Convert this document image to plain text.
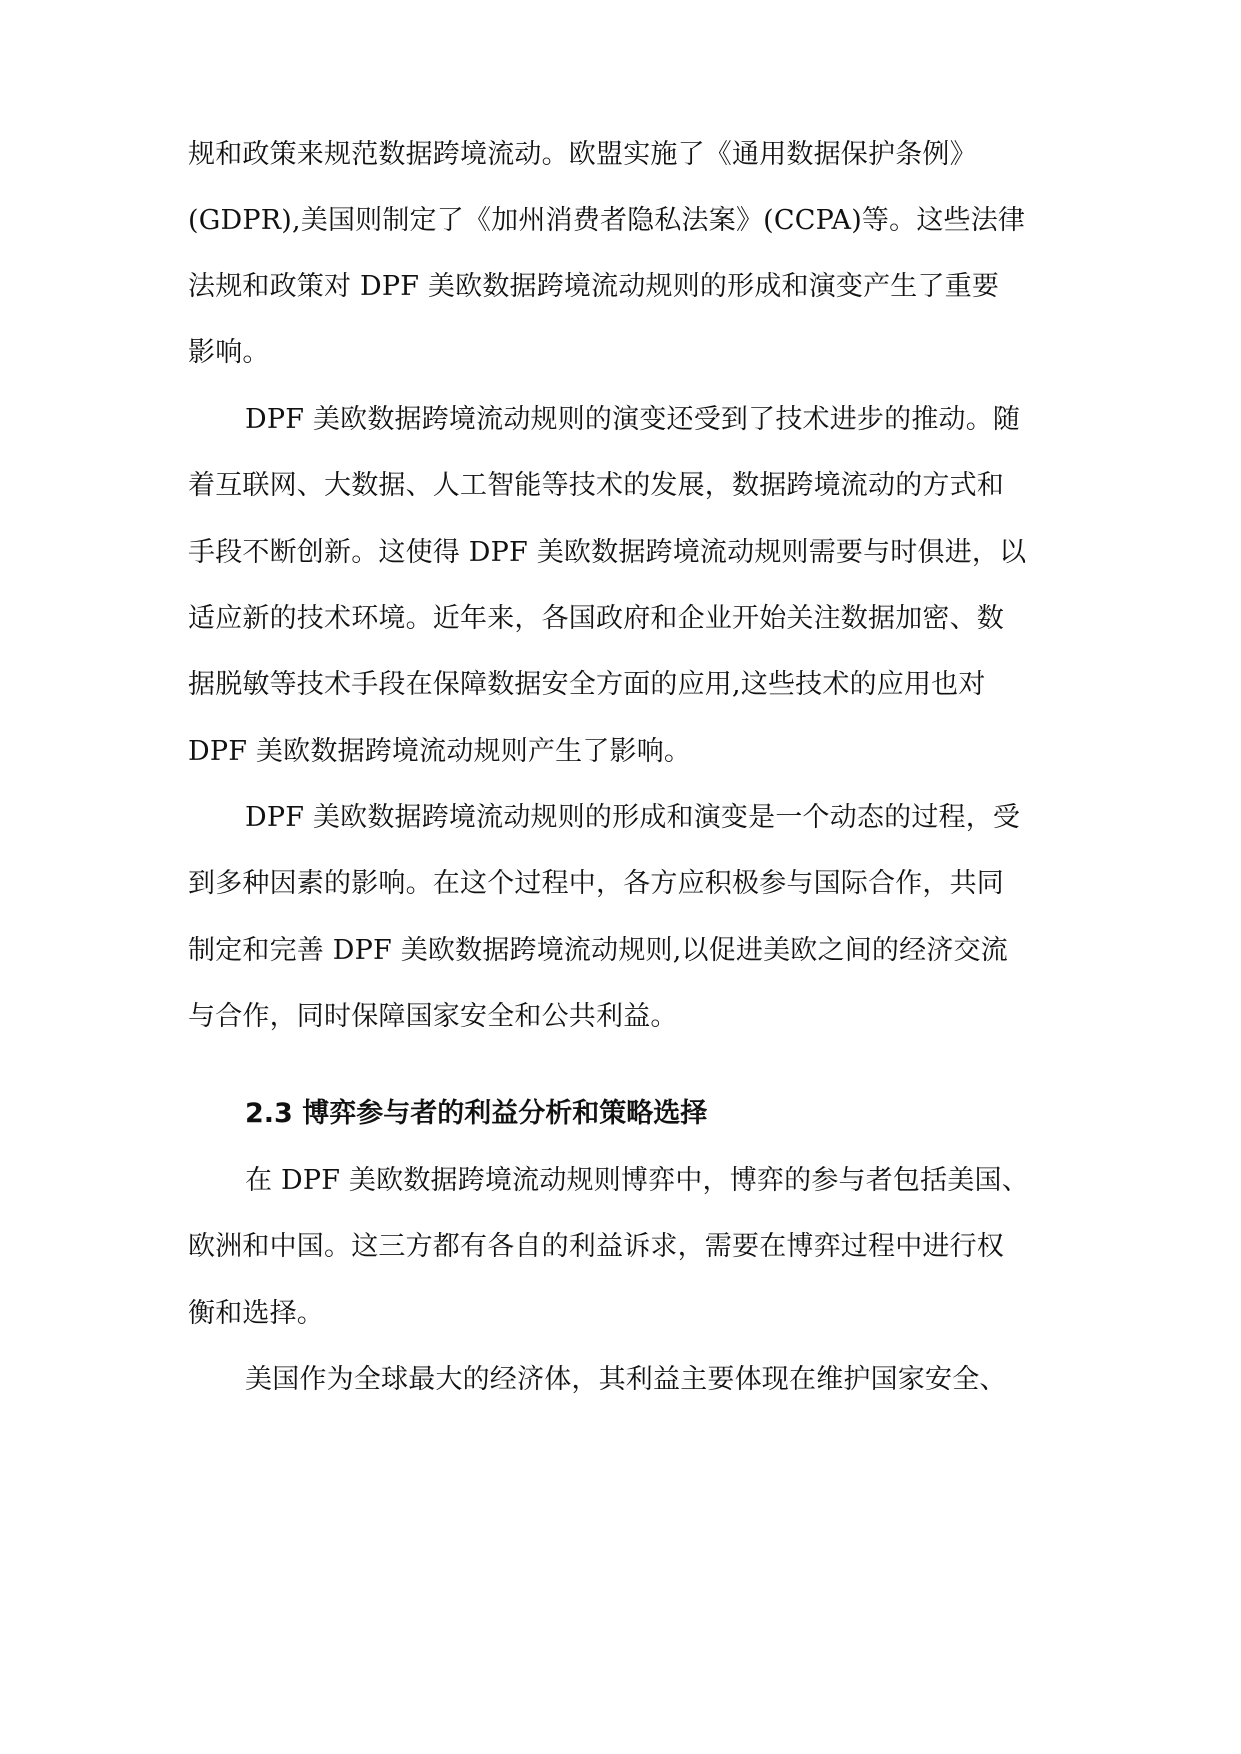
规和政策来规范数据跨境流动。欧盟实施了《通用数据保护条例》
(GDPR),美国则制定了《加州消费者隐私法案》(CCPA)等。这些法律
法规和政策对 DPF 美欧数据跨境流动规则的形成和演变产生了重要
影响。
DPF 美欧数据跨境流动规则的演变还受到了技术进步的推动。随
着互联网、大数据、人工智能等技术的发展，数据跨境流动的方式和
手段不断创新。这使得 DPF 美欧数据跨境流动规则需要与时俱进，以
适应新的技术环境。近年来，各国政府和企业开始关注数据加密、数
据脱敏等技术手段在保障数据安全方面的应用,这些技术的应用也对
DPF 美欧数据跨境流动规则产生了影响。
DPF 美欧数据跨境流动规则的形成和演变是一个动态的过程，受
到多种因素的影响。在这个过程中，各方应积极参与国际合作，共同
制定和完善 DPF 美欧数据跨境流动规则,以促进美欧之间的经济交流
与合作，同时保障国家安全和公共利益。
2.3 博弈参与者的利益分析和策略选择
在 DPF 美欧数据跨境流动规则博弈中，博弈的参与者包括美国、
欧洲和中国。这三方都有各自的利益诉求，需要在博弈过程中进行权
衡和选择。
美国作为全球最大的经济体，其利益主要体现在维护国家安全、
